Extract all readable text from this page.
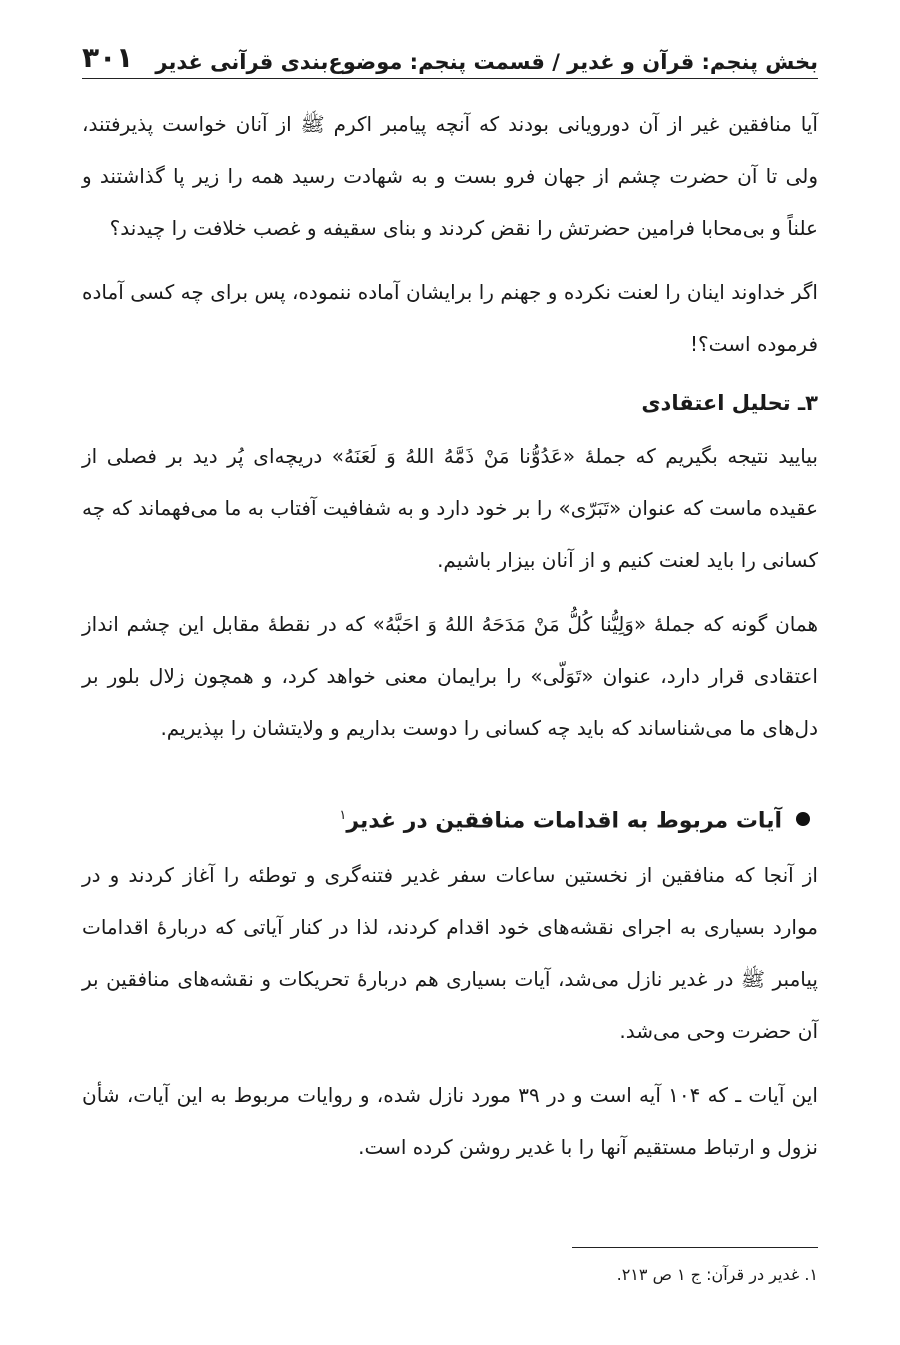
بخش پنجم: قرآن و غدیر / قسمت پنجم: موضوع‌بندی قرآنی غدیر
۳۰۱

آیا منافقین غیر از آن دورویانی بودند که آنچه پیامبر اکرم ﷺ از آنان خواست پذیرفتند، ولی تا آن حضرت چشم از جهان فرو بست و به شهادت رسید همه را زیر پا گذاشتند و علناً و بی‌محابا فرامین حضرتش را نقض کردند و بنای سقیفه و غصب خلافت را چیدند؟

اگر خداوند اینان را لعنت نکرده و جهنم را برایشان آماده ننموده، پس برای چه کسی آماده فرموده است؟!

۳ـ تحلیل اعتقادی

بیایید نتیجه بگیریم که جملهٔ «عَدُوُّنا مَنْ ذَمَّهُ اللهُ وَ لَعَنَهُ» دریچه‌ای پُر دید بر فصلی از عقیده ماست که عنوان «تَبَرّی» را بر خود دارد و به شفافیت آفتاب به ما می‌فهماند که چه کسانی را باید لعنت کنیم و از آنان بیزار باشیم.

همان گونه که جملهٔ «وَلِیُّنا کُلُّ مَنْ مَدَحَهُ اللهُ وَ احَبَّهُ» که در نقطهٔ مقابل این چشم انداز اعتقادی قرار دارد، عنوان «تَوَلّی» را برایمان معنی خواهد کرد، و همچون زلال بلور بر دل‌های ما می‌شناساند که باید چه کسانی را دوست بداریم و ولایتشان را بپذیریم.

آیات مربوط به اقدامات منافقین در غدیر$^۱$

از آنجا که منافقین از نخستین ساعات سفر غدیر فتنه‌گری و توطئه را آغاز کردند و در موارد بسیاری به اجرای نقشه‌های خود اقدام کردند، لذا در کنار آیاتی که دربارهٔ اقدامات پیامبر ﷺ در غدیر نازل می‌شد، آیات بسیاری هم دربارهٔ تحریکات و نقشه‌های منافقین بر آن حضرت وحی می‌شد.

این آیات ـ که ۱۰۴ آیه است و در ۳۹ مورد نازل شده، و روایات مربوط به این آیات، شأن نزول و ارتباط مستقیم آنها را با غدیر روشن کرده است.

۱. غدیر در قرآن: ج ۱ ص ۲۱۳.
